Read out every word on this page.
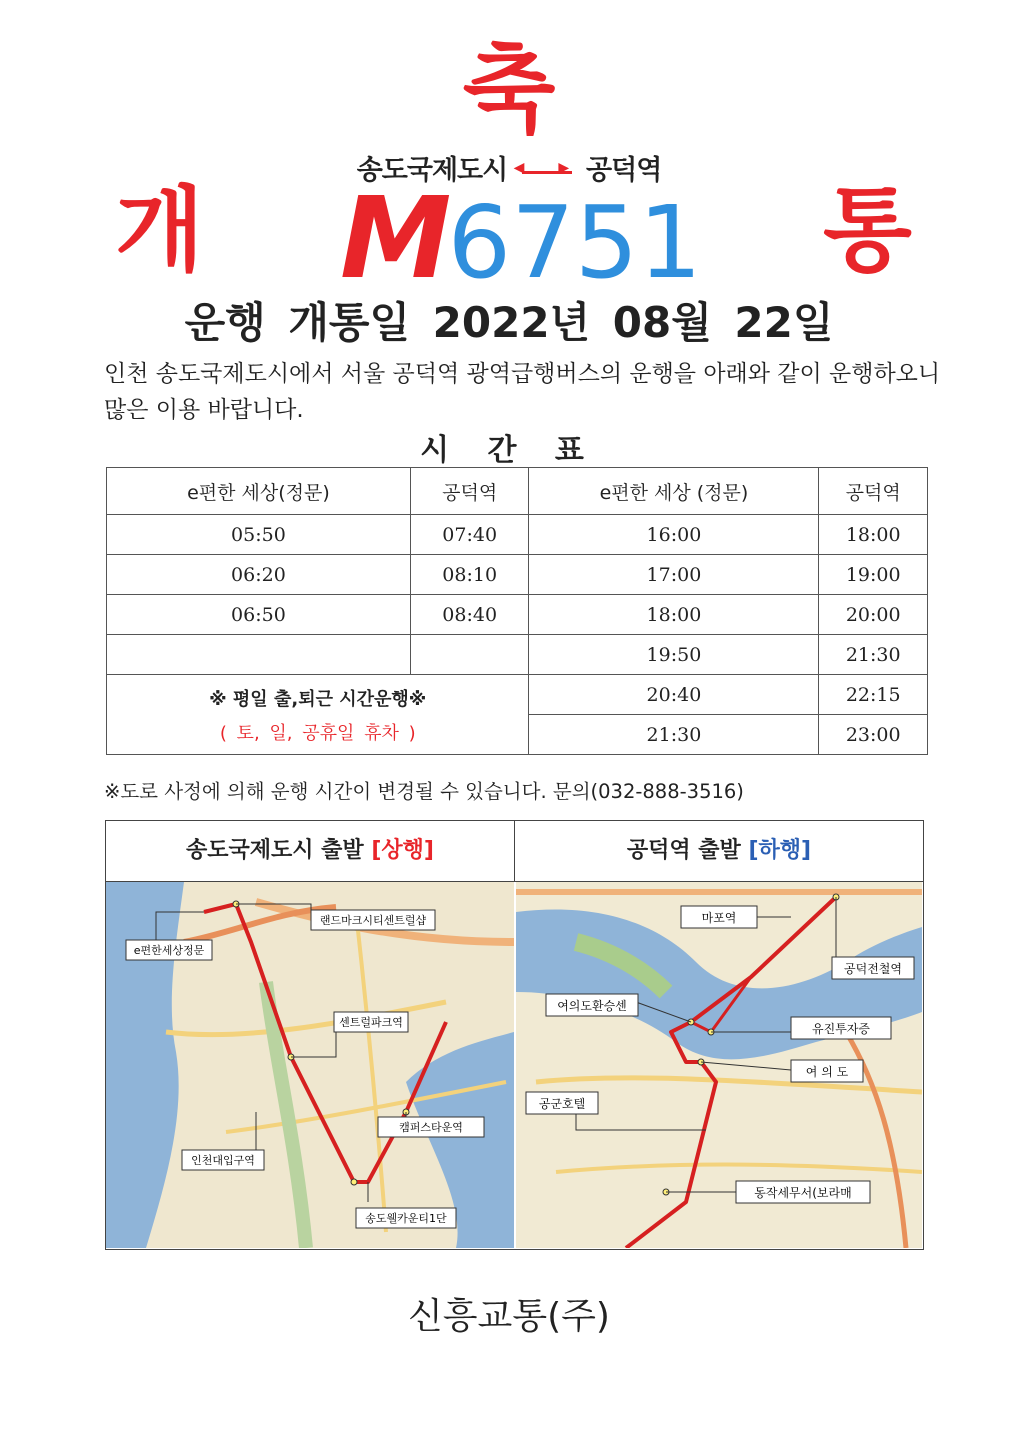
축
송도국제도시 ◀▶	공덕역
개 M6751 통
운행 개통일 2022년 08월 22일
인천 송도국제도시에서 서울 공덕역 광역급행버스의 운행을 아래와 같이 운행하오니 많은 이용 바랍니다.
시 간 표
e편한 세상(정문)	공덕역	e편한 세상 (정문)	공덕역
05:50	07:40	16:00	18:00
06:20	08:10	17:00	19:00
06:50	08:40	18:00	20:00
		19:50	21:30

※ 평일 출,퇴근 시간운행※
( 토, 일, 공휴일 휴차 )		20:40	22:15
		21:30	23:00
※도로 사정에 의해 운행 시간이 변경될 수 있습니다. 문의(032-888-3516)
송도국제도시 출발 [상행]	공덕역 출발 [하행]
e편한세상정문
랜드마크시티센트럴샵
센트럴파크역
캠퍼스타운역
인천대입구역
송도웰카운티1단
마포역
공덕전철역
여의도환승센
유진투자증
여 의 도
공군호텔
동작세무서(보라매
신흥교통(주)
